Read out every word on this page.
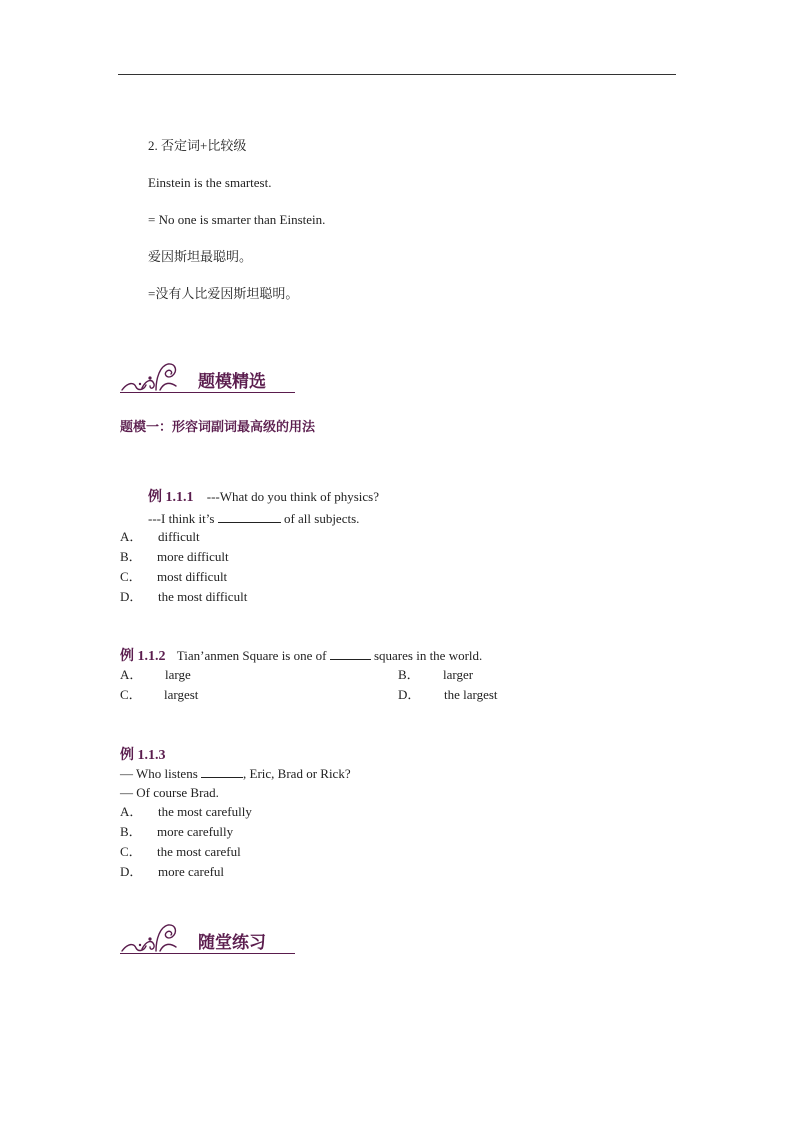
2. 否定词+比较级
Einstein is the smartest.
= No one is smarter than Einstein.
爱因斯坦最聪明。
=没有人比爱因斯坦聪明。
题模精选
题模一：形容词副词最高级的用法
例 1.1.1 ---What do you think of physics?
---I think it’s	of all subjects.
A． difficult
B． more difficult
C． most difficult
D． the most difficult
例 1.1.2 Tian’anmen Square is one of	squares in the world.
A． large	B． larger
C． largest	D． the largest
例 1.1.3
— Who listens	, Eric, Brad or Rick?
— Of course Brad.
A． the most carefully
B． more carefully
C． the most careful
D． more careful
随堂练习
